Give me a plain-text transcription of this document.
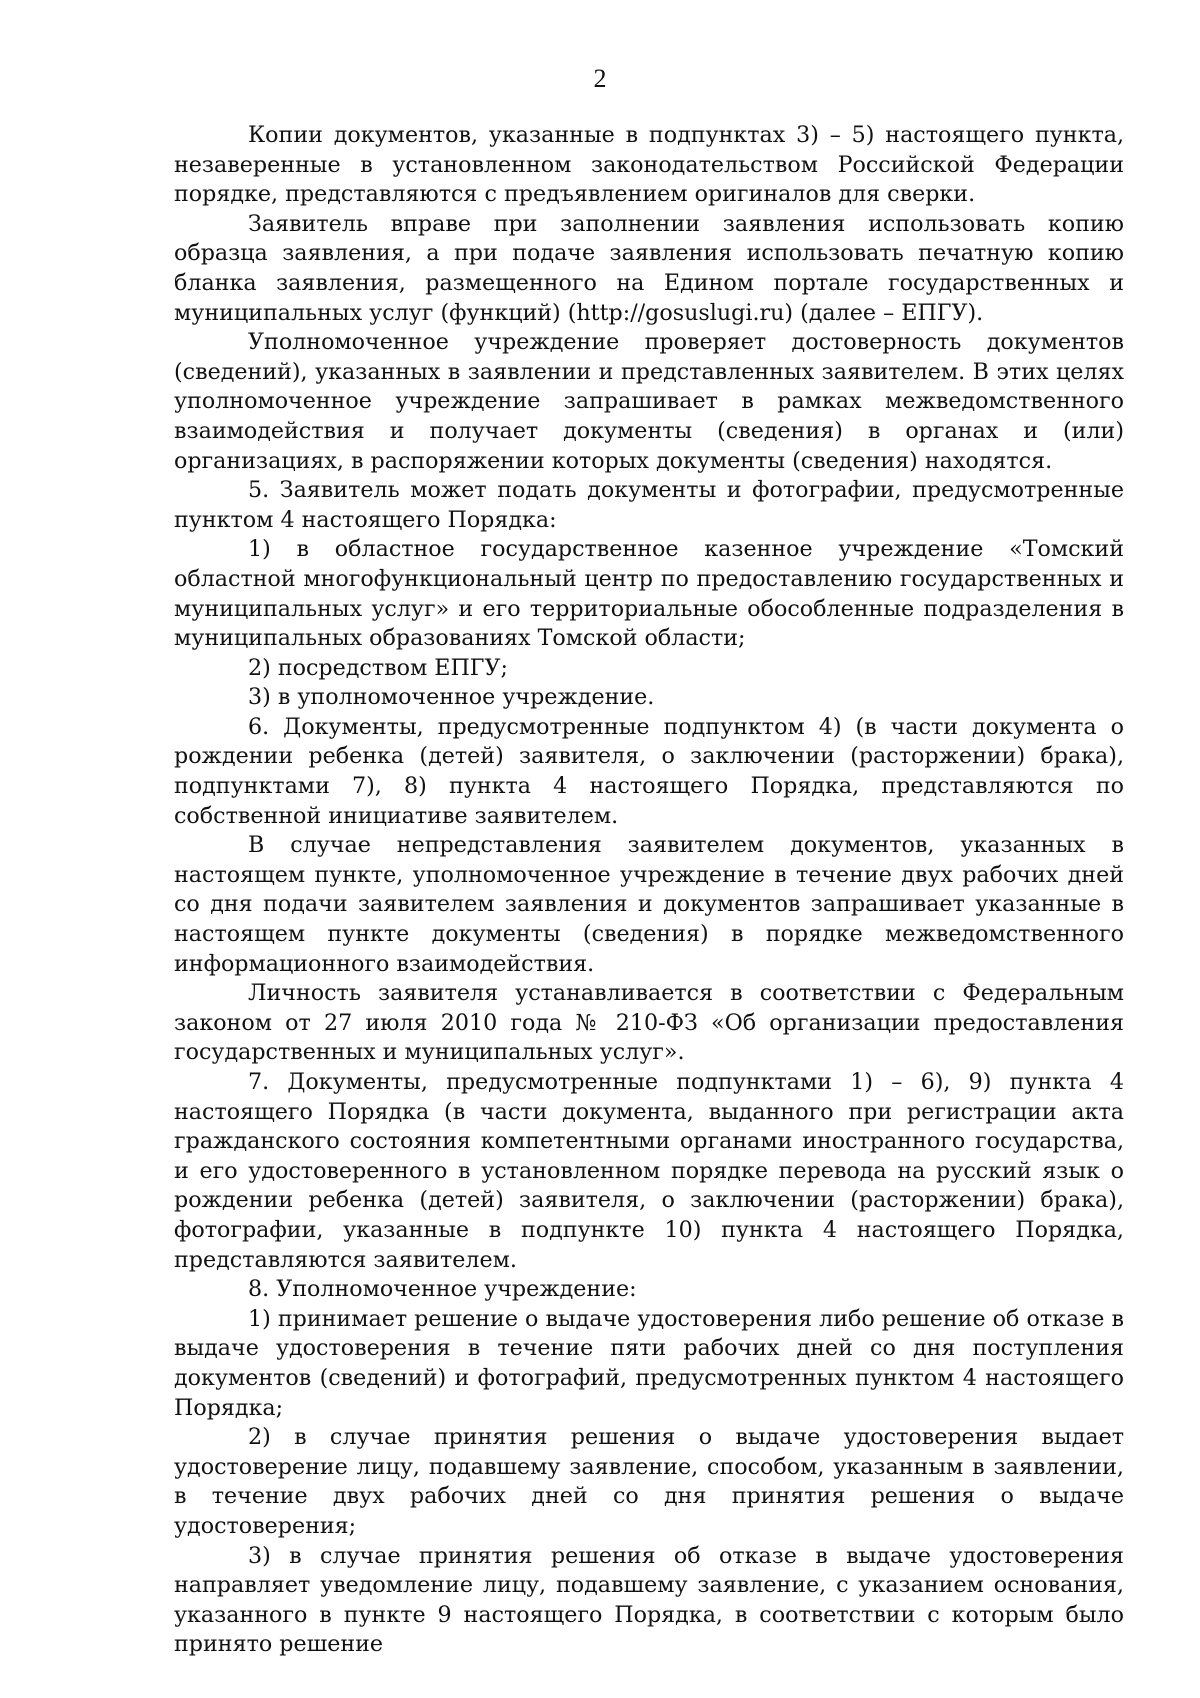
2

Копии документов, указанные в подпунктах 3) – 5) настоящего пункта, незаверенные в установленном законодательством Российской Федерации порядке, представляются с предъявлением оригиналов для сверки.

Заявитель вправе при заполнении заявления использовать копию образца заявления, а при подаче заявления использовать печатную копию бланка заявления, размещенного на Едином портале государственных и муниципальных услуг (функций) (http://gosuslugi.ru) (далее – ЕПГУ).

Уполномоченное учреждение проверяет достоверность документов (сведений), указанных в заявлении и представленных заявителем. В этих целях уполномоченное учреждение запрашивает в рамках межведомственного взаимодействия и получает документы (сведения) в органах и (или) организациях, в распоряжении которых документы (сведения) находятся.

5. Заявитель может подать документы и фотографии, предусмотренные пунктом 4 настоящего Порядка:

1) в областное государственное казенное учреждение «Томский областной многофункциональный центр по предоставлению государственных и муниципальных услуг» и его территориальные обособленные подразделения в муниципальных образованиях Томской области;

2) посредством ЕПГУ;

3) в уполномоченное учреждение.

6. Документы, предусмотренные подпунктом 4) (в части документа о рождении ребенка (детей) заявителя, о заключении (расторжении) брака), подпунктами 7), 8) пункта 4 настоящего Порядка, представляются по собственной инициативе заявителем.

В случае непредставления заявителем документов, указанных в настоящем пункте, уполномоченное учреждение в течение двух рабочих дней со дня подачи заявителем заявления и документов запрашивает указанные в настоящем пункте документы (сведения) в порядке межведомственного информационного взаимодействия.

Личность заявителя устанавливается в соответствии с Федеральным законом от 27 июля 2010 года № 210-ФЗ «Об организации предоставления государственных и муниципальных услуг».

7. Документы, предусмотренные подпунктами 1) – 6), 9) пункта 4 настоящего Порядка (в части документа, выданного при регистрации акта гражданского состояния компетентными органами иностранного государства, и его удостоверенного в установленном порядке перевода на русский язык о рождении ребенка (детей) заявителя, о заключении (расторжении) брака), фотографии, указанные в подпункте 10) пункта 4 настоящего Порядка, представляются заявителем.

8. Уполномоченное учреждение:

1) принимает решение о выдаче удостоверения либо решение об отказе в выдаче удостоверения в течение пяти рабочих дней со дня поступления документов (сведений) и фотографий, предусмотренных пунктом 4 настоящего Порядка;

2) в случае принятия решения о выдаче удостоверения выдает удостоверение лицу, подавшему заявление, способом, указанным в заявлении, в течение двух рабочих дней со дня принятия решения о выдаче удостоверения;

3) в случае принятия решения об отказе в выдаче удостоверения направляет уведомление лицу, подавшему заявление, с указанием основания, указанного в пункте 9 настоящего Порядка, в соответствии с которым было принято решение
